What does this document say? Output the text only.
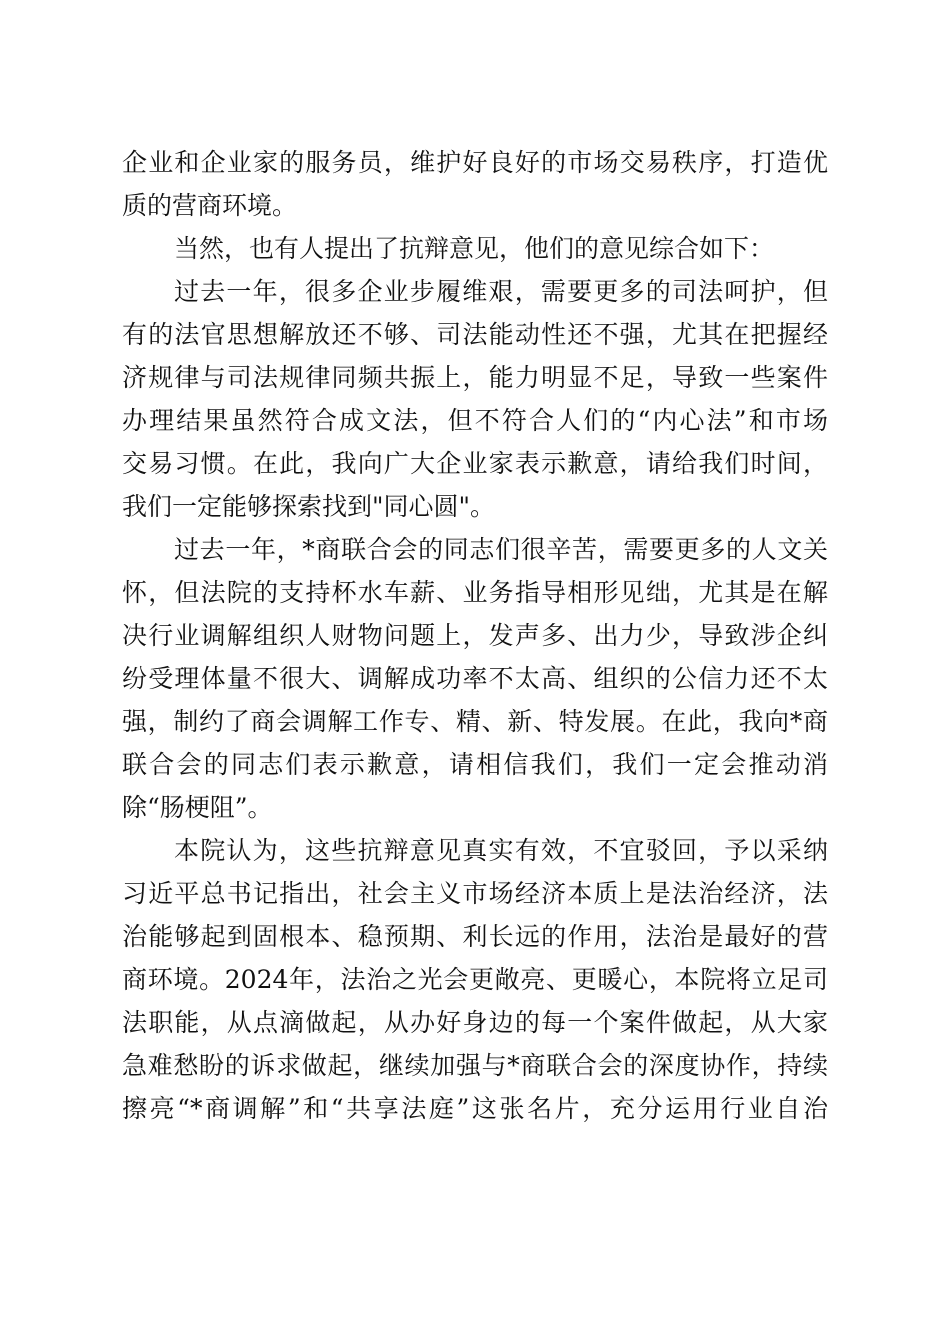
企业和企业家的服务员，维护好良好的市场交易秩序，打造优
质的营商环境。
当然，也有人提出了抗辩意见，他们的意见综合如下：
过去一年，很多企业步履维艰，需要更多的司法呵护，但
有的法官思想解放还不够、司法能动性还不强，尤其在把握经
济规律与司法规律同频共振上，能力明显不足，导致一些案件
办理结果虽然符合成文法，但不符合人们的“内心法”和市场
交易习惯。在此，我向广大企业家表示歉意，请给我们时间，
我们一定能够探索找到"同心圆"。
过去一年，*商联合会的同志们很辛苦，需要更多的人文关
怀，但法院的支持杯水车薪、业务指导相形见绌，尤其是在解
决行业调解组织人财物问题上，发声多、出力少，导致涉企纠
纷受理体量不很大、调解成功率不太高、组织的公信力还不太
强，制约了商会调解工作专、精、新、特发展。在此，我向*商
联合会的同志们表示歉意，请相信我们，我们一定会推动消
除“肠梗阻”。
本院认为，这些抗辩意见真实有效，不宜驳回，予以采纳
习近平总书记指出，社会主义市场经济本质上是法治经济，法
治能够起到固根本、稳预期、利长远的作用，法治是最好的营
商环境。2024年，法治之光会更敞亮、更暖心，本院将立足司
法职能，从点滴做起，从办好身边的每一个案件做起，从大家
急难愁盼的诉求做起，继续加强与*商联合会的深度协作，持续
擦亮“*商调解”和“共享法庭”这张名片，充分运用行业自治
